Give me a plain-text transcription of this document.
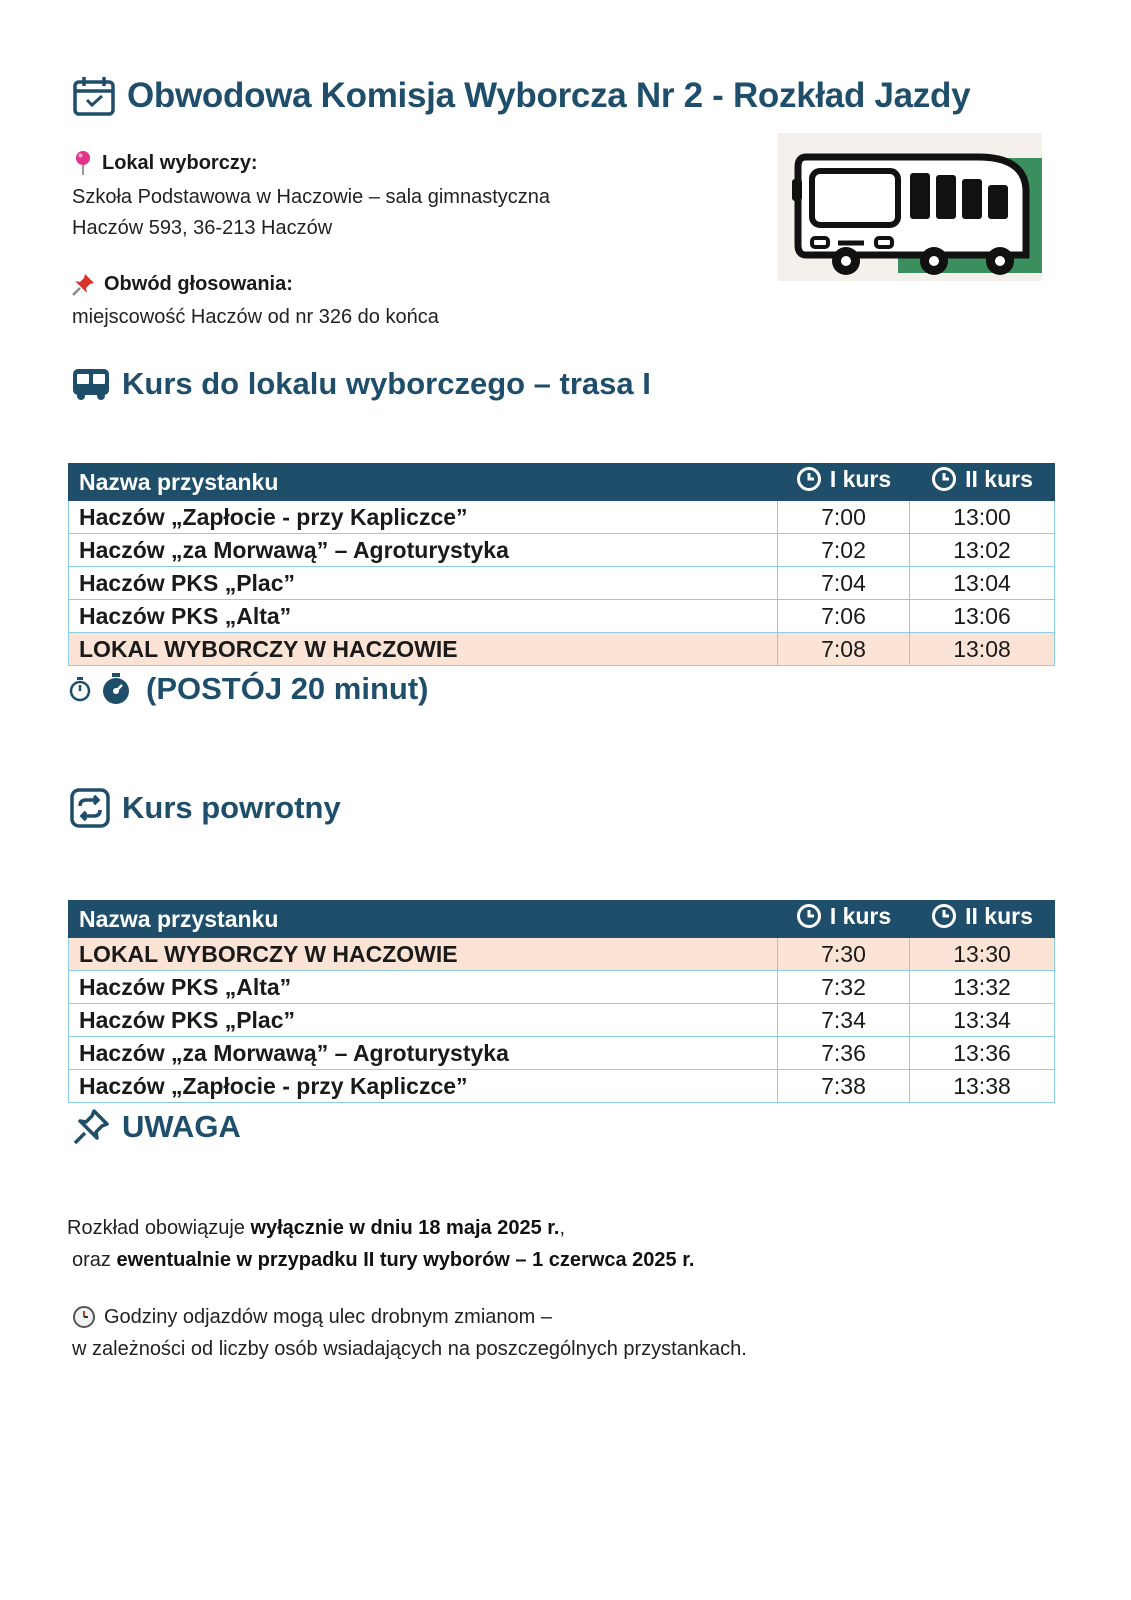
Obwodowa Komisja Wyborcza Nr 2 - Rozkład Jazdy
Lokal wyborczy:
Szkoła Podstawowa w Haczowie – sala gimnastyczna
Haczów 593, 36-213 Haczów
Obwód głosowania:
miejscowość Haczów od nr 326 do końca
Kurs do lokalu wyborczego – trasa I
Nazwa przystanku	I kurs	II kurs

Haczów „Zapłocie - przy Kapliczce”	7:00	13:00
Haczów „za Morwawą” – Agroturystyka	7:02	13:02
Haczów PKS „Plac”	7:04	13:04
Haczów PKS „Alta”	7:06	13:06
LOKAL WYBORCZY W HACZOWIE	7:08	13:08
(POSTÓJ 20 minut)
Kurs powrotny
Nazwa przystanku	I kurs	II kurs

LOKAL WYBORCZY W HACZOWIE	7:30	13:30
Haczów PKS „Alta”	7:32	13:32
Haczów PKS „Plac”	7:34	13:34
Haczów „za Morwawą” – Agroturystyka	7:36	13:36
Haczów „Zapłocie - przy Kapliczce”	7:38	13:38
UWAGA
Rozkład obowiązuje wyłącznie w dniu 18 maja 2025 r.,
oraz ewentualnie w przypadku II tury wyborów – 1 czerwca 2025 r.
Godziny odjazdów mogą ulec drobnym zmianom –
w zależności od liczby osób wsiadających na poszczególnych przystankach.
